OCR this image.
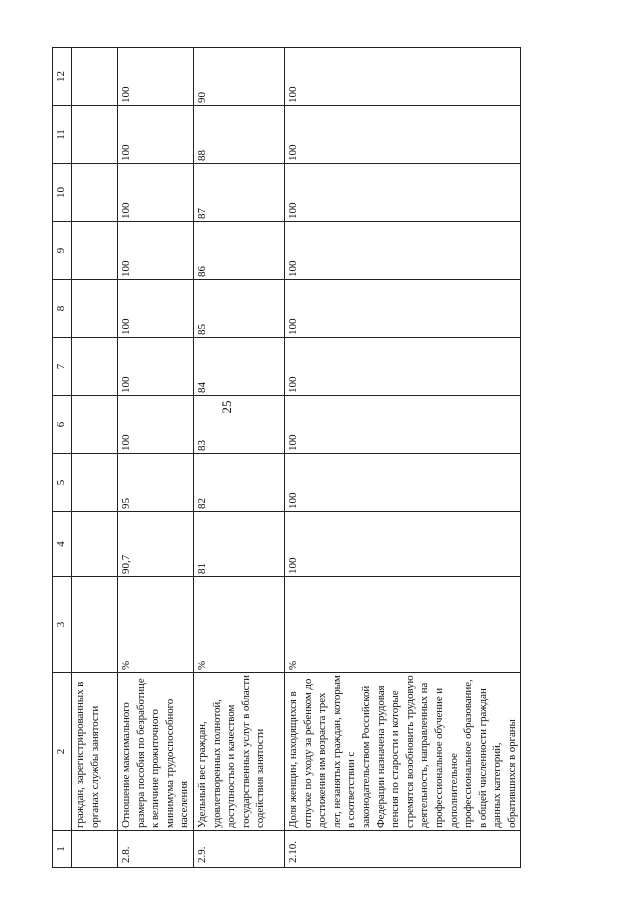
25
1	2	3	4	5	6	7	8	9	10	11	12
	граждан, зарегистрированных в органах службы занятости										
2.8.	Отношение максимального размера пособия по безработице к величине прожиточного минимума трудоспособного населения	%	90,7	95	100	100	100	100	100	100	100
2.9.	Удельный вес граждан, удовлетворенных полнотой, доступностью и качеством государственных услуг в области содействия занятости	%	81	82	83	84	85	86	87	88	90
2.10.	Доля женщин, находящихся в отпуске по уходу за ребенком до достижения им возраста трех лет, незанятых граждан, которым в соответствии с законодательством Российской Федерации назначена трудовая пенсия по старости и которые стремятся возобновить трудовую деятельность, направленных на профессиональное обучение и дополнительное профессиональное образование, в общей численности граждан данных категорий, обратившихся в органы	%	100	100	100	100	100	100	100	100	100
